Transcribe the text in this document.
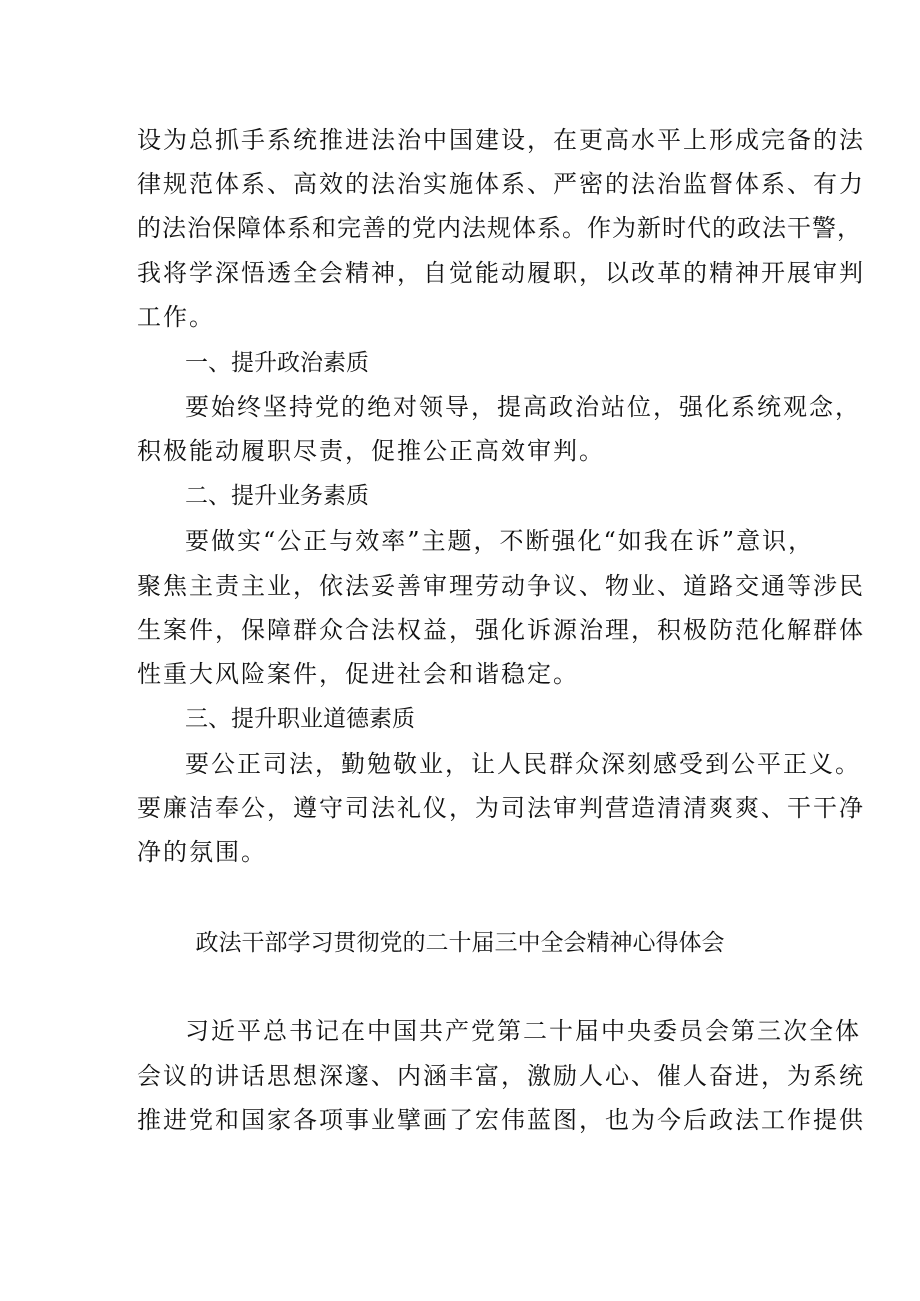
设为总抓手系统推进法治中国建设，在更高水平上形成完备的法
律规范体系、高效的法治实施体系、严密的法治监督体系、有力
的法治保障体系和完善的党内法规体系。作为新时代的政法干警，
我将学深悟透全会精神，自觉能动履职，以改革的精神开展审判
工作。
一、提升政治素质
要始终坚持党的绝对领导，提高政治站位，强化系统观念，
积极能动履职尽责，促推公正高效审判。
二、提升业务素质
要做实“公正与效率”主题，不断强化“如我在诉”意识，
聚焦主责主业，依法妥善审理劳动争议、物业、道路交通等涉民
生案件，保障群众合法权益，强化诉源治理，积极防范化解群体
性重大风险案件，促进社会和谐稳定。
三、提升职业道德素质
要公正司法，勤勉敬业，让人民群众深刻感受到公平正义。
要廉洁奉公，遵守司法礼仪，为司法审判营造清清爽爽、干干净
净的氛围。
政法干部学习贯彻党的二十届三中全会精神心得体会
习近平总书记在中国共产党第二十届中央委员会第三次全体
会议的讲话思想深邃、内涵丰富，激励人心、催人奋进，为系统
推进党和国家各项事业擘画了宏伟蓝图，也为今后政法工作提供
